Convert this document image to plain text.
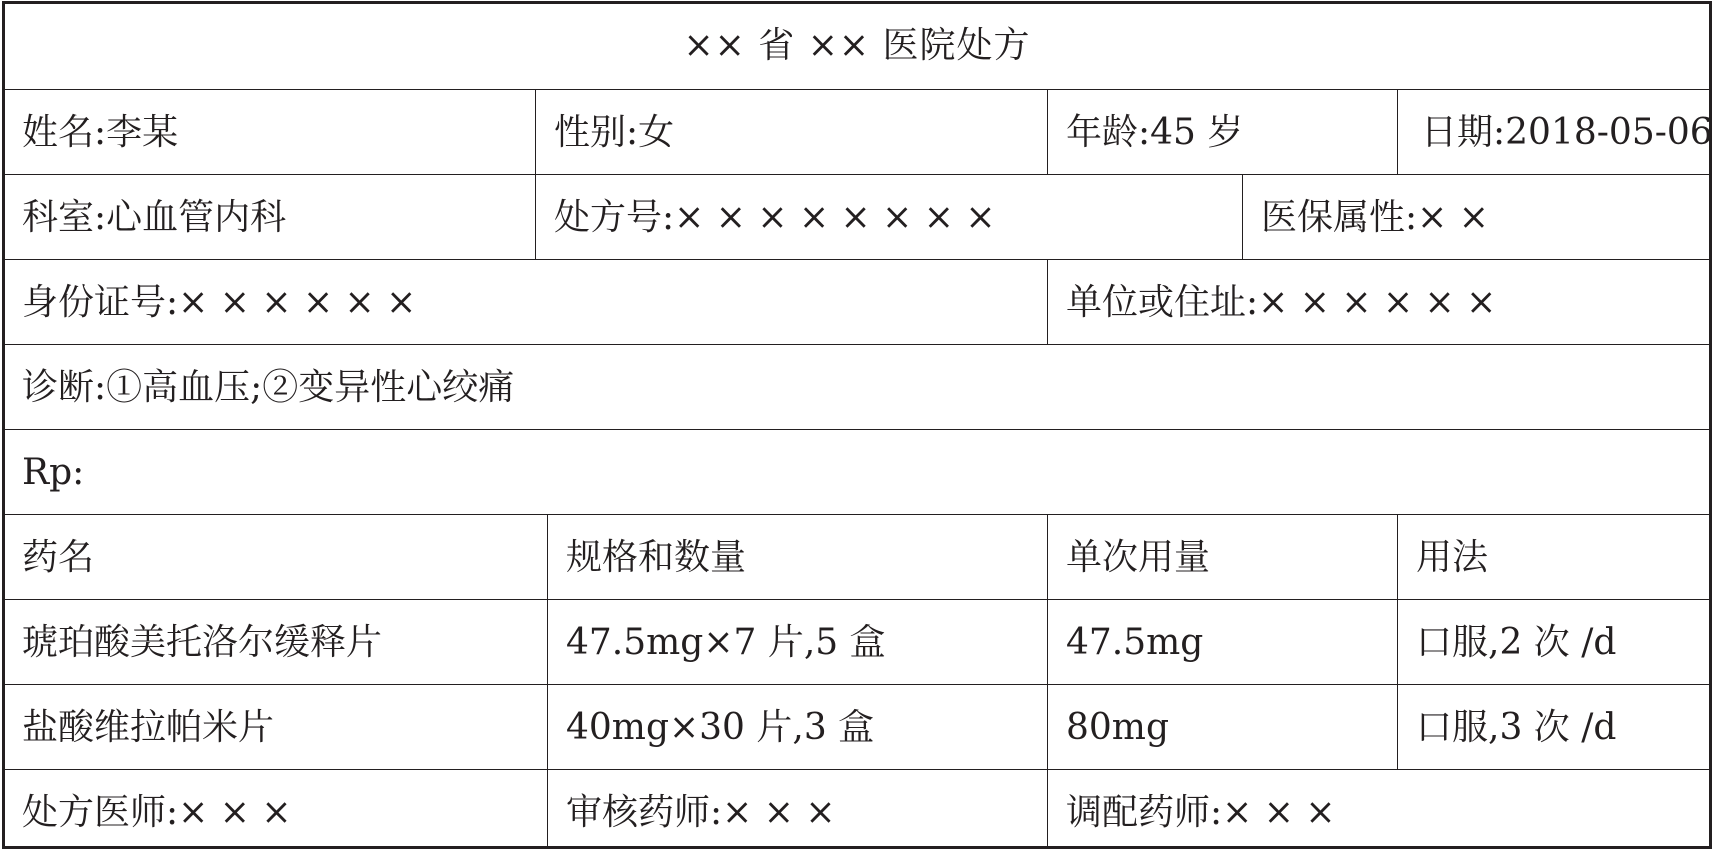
×× 省 ×× 医院处方
姓名:李某	性别:女	年龄:45 岁	日期:2018-05-06
科室:心血管内科	处方号:× × × × × × × ×	医保属性:× ×
身份证号:× × × × × ×	单位或住址:× × × × × ×
诊断:①高血压;②变异性心绞痛
Rp:
药名	规格和数量	单次用量	用法
琥珀酸美托洛尔缓释片	47.5mg×7 片,5 盒	47.5mg	口服,2 次 /d
盐酸维拉帕米片	40mg×30 片,3 盒	80mg	口服,3 次 /d
处方医师:× × ×	审核药师:× × ×	调配药师:× × ×
